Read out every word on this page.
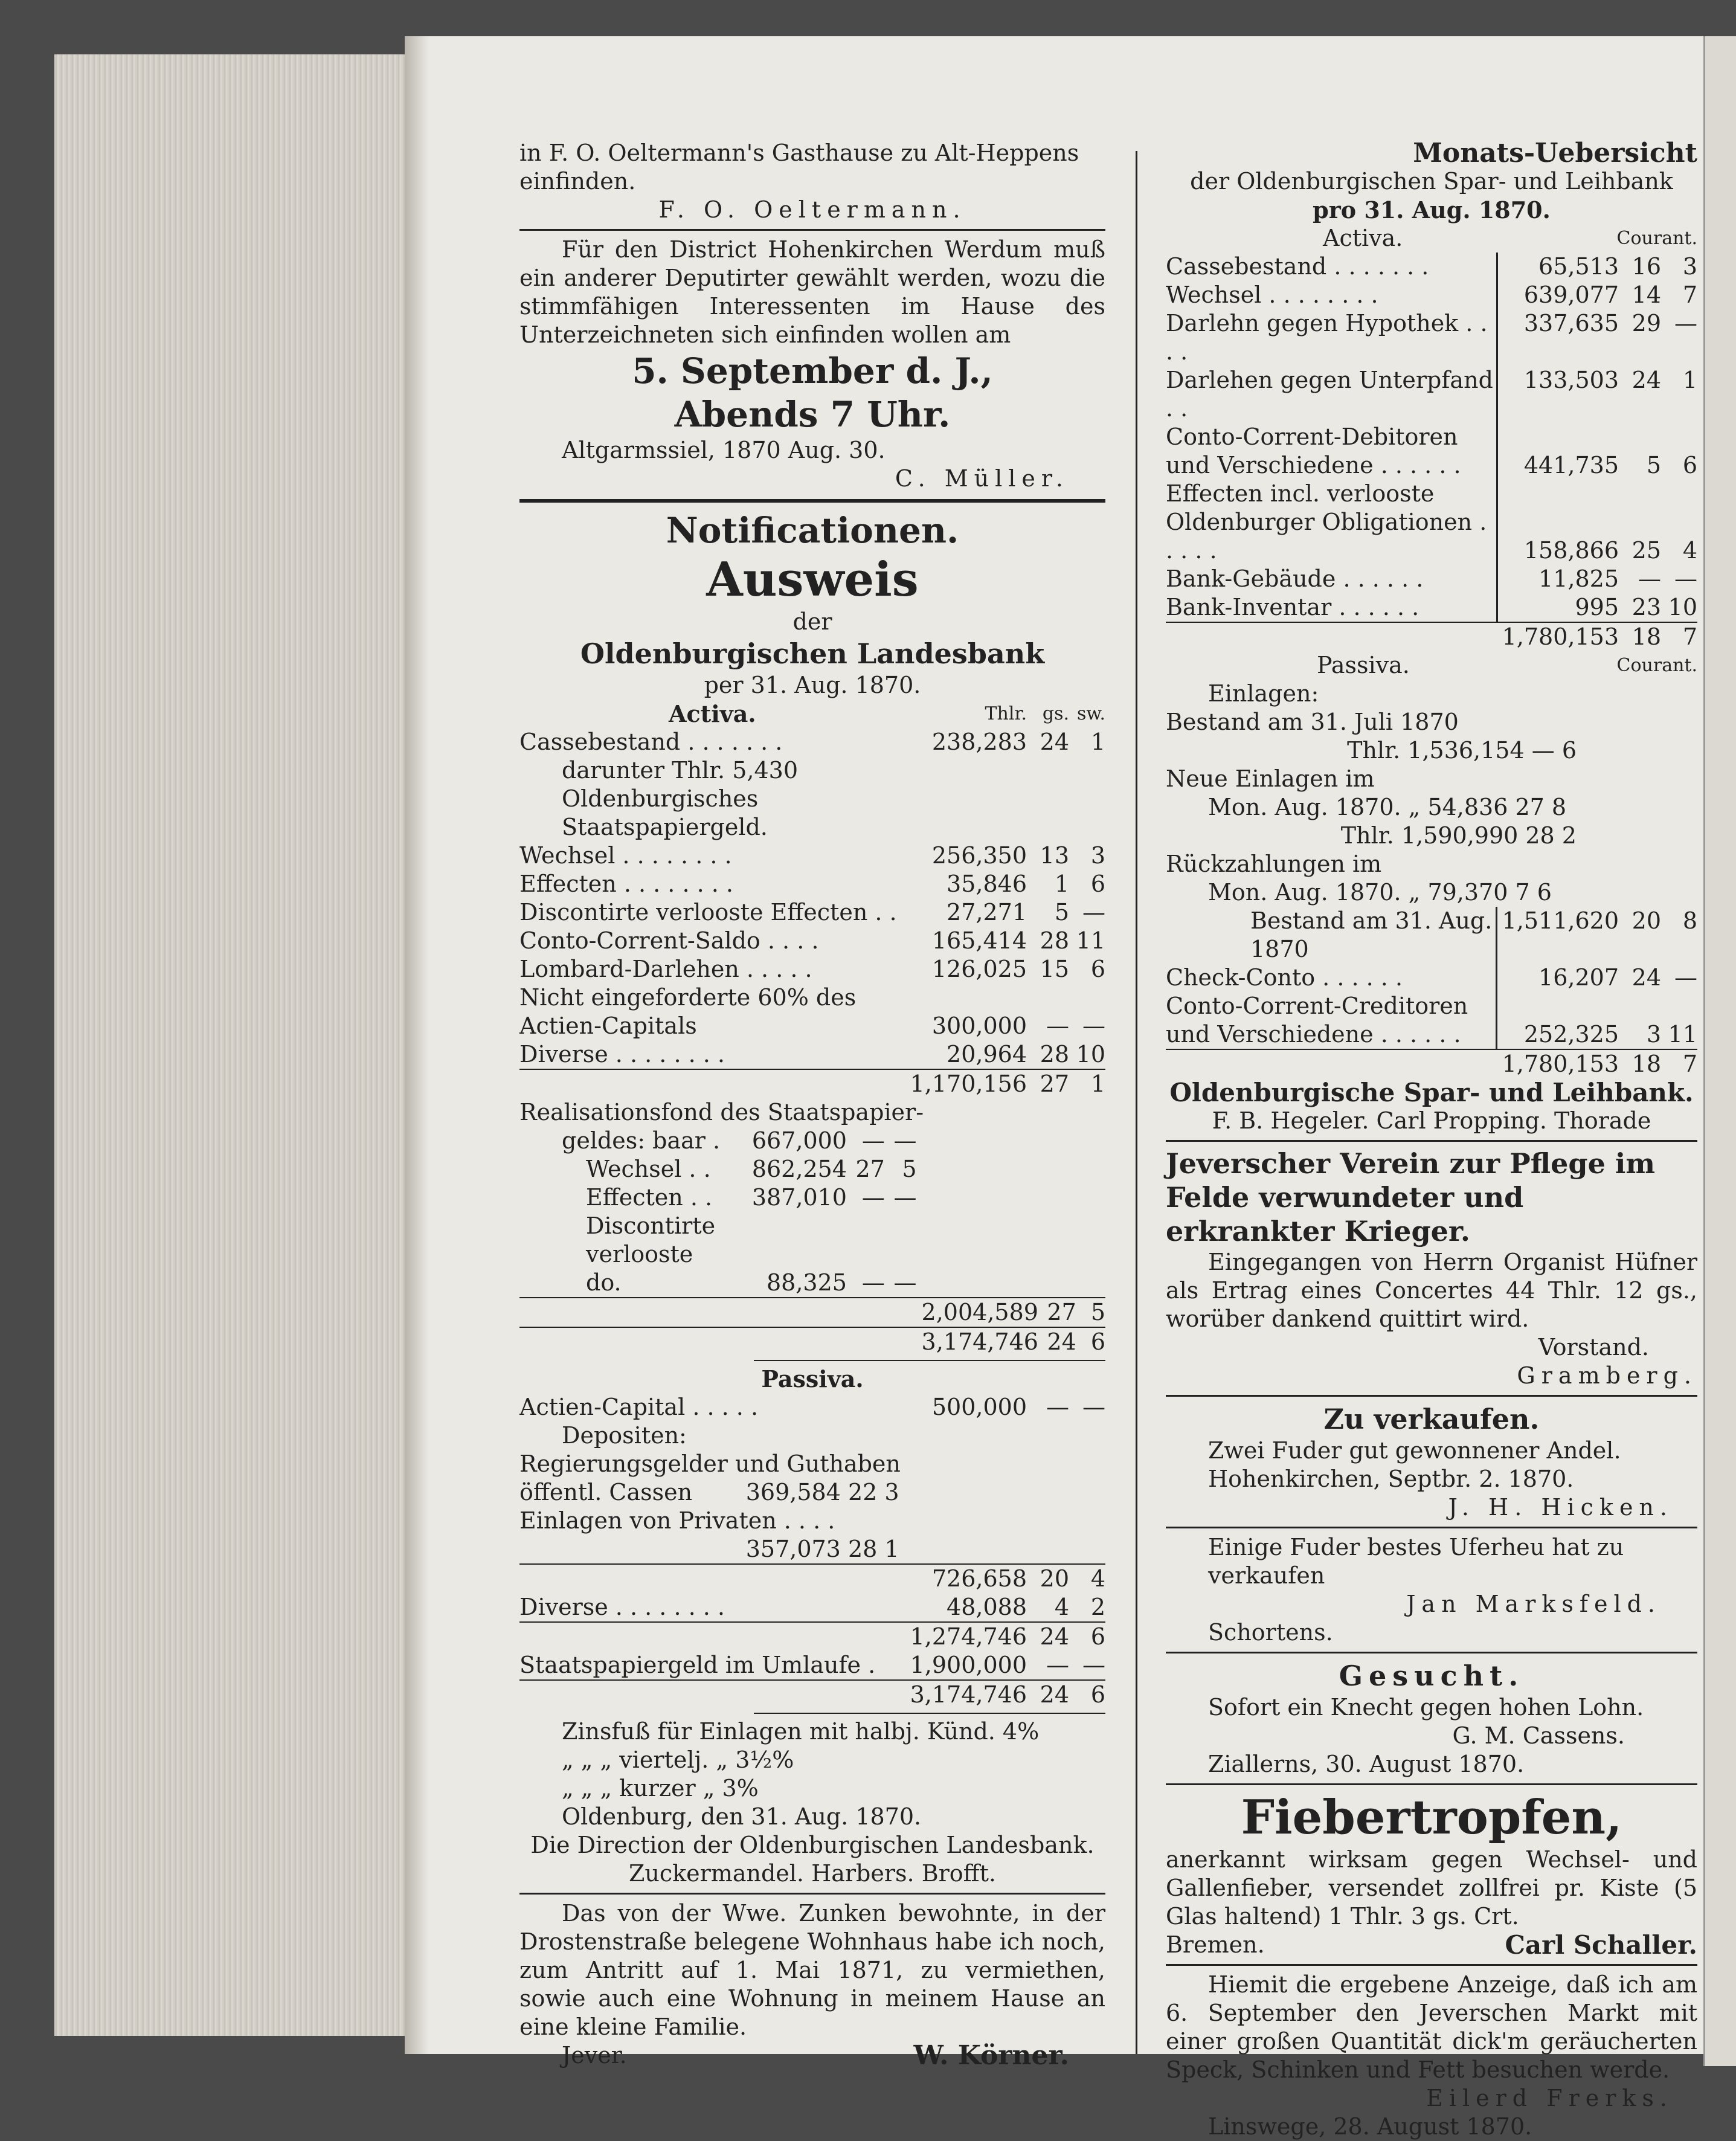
in F. O. Oeltermann's Gasthause zu Alt-Heppens
einfinden.
F. O. Oeltermann.
Für den District Hohenkirchen Werdum muß ein anderer Deputirter gewählt werden, wozu die stimmfähigen Interessenten im Hause des Unterzeichneten sich einfinden wollen am
5. September d. J.,
Abends 7 Uhr.
Altgarmssiel, 1870 Aug. 30.
C. Müller.
Notificationen.
Ausweis
der
Oldenburgischen Landesbank
per 31. Aug. 1870.
Activa.	Thlr.	gs.	sw.
Cassebestand . . . . . . .	238,283	24	1
darunter Thlr. 5,430 Oldenburgisches Staatspapiergeld.			
Wechsel . . . . . . . .	256,350	13	3
Effecten . . . . . . . .	35,846	1	6
Discontirte verlooste Effecten . .	27,271	5	—
Conto-Corrent-Saldo . . . .	165,414	28	11
Lombard-Darlehen . . . . .	126,025	15	6
Nicht eingeforderte 60% des Actien-Capitals	300,000	—	—
Diverse . . . . . . . .	20,964	28	10
	1,170,156	27	1
Realisationsfond des Staatspapier-
geldes: baar .	667,000	—	—			
Wechsel . .	862,254	27	5			
Effecten . .	387,010	—	—			
Discontirte verlooste do.	88,325	—	—			
				2,004,589	27	5
				3,174,746	24	6
Passiva.
Actien-Capital . . . . .	500,000	—	—
Depositen:			
Regierungsgelder und Guthaben öffentl. Cassen 369,584 22 3			

Einlagen von Privaten . . . .
357,073 28 1			

	726,658	20	4
Diverse . . . . . . . .	48,088	4	2
	1,274,746	24	6
Staatspapiergeld im Umlaufe .	1,900,000	—	—
	3,174,746	24	6
Zinsfuß für Einlagen mit halbj. Künd. 4%
„ „ „ viertelj. „ 3½%
„ „ „ kurzer „ 3%
Oldenburg, den 31. Aug. 1870.
Die Direction der Oldenburgischen Landesbank.
Zuckermandel. Harbers. Brofft.
Das von der Wwe. Zunken bewohnte, in der Drostenstraße belegene Wohnhaus habe ich noch, zum Antritt auf 1. Mai 1871, zu vermiethen, sowie auch eine Wohnung in meinem Hause an eine kleine Familie.
Jever.	W. Körner.
Monats-Uebersicht
der Oldenburgischen Spar- und Leihbank
pro 31. Aug. 1870.
Activa.	Courant.
Cassebestand . . . . . . .	65,513	16	3
Wechsel . . . . . . . .	639,077	14	7
Darlehn gegen Hypothek . . . .	337,635	29	—
Darlehen gegen Unterpfand . .	133,503	24	1
Conto-Corrent-Debitoren und Verschiedene . . . . . .	441,735	5	6
Effecten incl. verlooste Oldenburger Obligationen . . . . .	158,866	25	4
Bank-Gebäude . . . . . .	11,825	—	—
Bank-Inventar . . . . . .	995	23	10
	1,780,153	18	7
Passiva.	Courant.
Einlagen:
Bestand am 31. Juli 1870
Thlr. 1,536,154 — 6
Neue Einlagen im
Mon. Aug. 1870. „ 54,836 27 8
Thlr. 1,590,990 28 2
Rückzahlungen im
Mon. Aug. 1870. „ 79,370 7 6
Bestand am 31. Aug. 1870	1,511,620	20	8
Check-Conto . . . . . .	16,207	24	—
Conto-Corrent-Creditoren und Verschiedene . . . . . .	252,325	3	11
	1,780,153	18	7
Oldenburgische Spar- und Leihbank.
F. B. Hegeler. Carl Propping. Thorade
Jeverscher Verein zur Pflege im Felde verwundeter und erkrankter Krieger.
Eingegangen von Herrn Organist Hüfner als Ertrag eines Concertes 44 Thlr. 12 gs., worüber dankend quittirt wird.
Vorstand.
Gramberg.
Zu verkaufen.
Zwei Fuder gut gewonnener Andel.
Hohenkirchen, Septbr. 2. 1870.
J. H. Hicken.
Einige Fuder bestes Uferheu hat zu verkaufen
Jan Marksfeld.
Schortens.
Gesucht.
Sofort ein Knecht gegen hohen Lohn.
G. M. Cassens.
Ziallerns, 30. August 1870.
Fiebertropfen,
anerkannt wirksam gegen Wechsel- und Gallenfieber, versendet zollfrei pr. Kiste (5 Glas haltend) 1 Thlr. 3 gs. Crt.
Bremen.	Carl Schaller.
Hiemit die ergebene Anzeige, daß ich am 6. September den Jeverschen Markt mit einer großen Quantität dick'm geräucherten Speck, Schinken und Fett besuchen werde.
Eilerd Frerks.
Linswege, 28. August 1870.
